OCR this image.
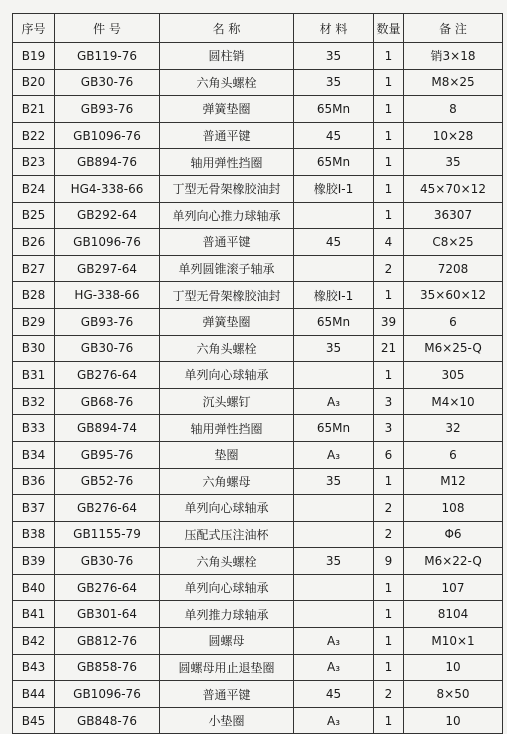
序号	件 号	名 称	材 料	数量	备 注
B19	GB119-76	圆柱销	35	1	销3×18
B20	GB30-76	六角头螺栓	35	1	M8×25
B21	GB93-76	弹簧垫圈	65Mn	1	8
B22	GB1096-76	普通平键	45	1	10×28
B23	GB894-76	轴用弹性挡圈	65Mn	1	35
B24	HG4-338-66	丁型无骨架橡胶油封	橡胶I-1	1	45×70×12
B25	GB292-64	单列向心推力球轴承		1	36307
B26	GB1096-76	普通平键	45	4	C8×25
B27	GB297-64	单列圆锥滚子轴承		2	7208
B28	HG-338-66	丁型无骨架橡胶油封	橡胶I-1	1	35×60×12
B29	GB93-76	弹簧垫圈	65Mn	39	6
B30	GB30-76	六角头螺栓	35	21	M6×25-Q
B31	GB276-64	单列向心球轴承		1	305
B32	GB68-76	沉头螺钉	A₃	3	M4×10
B33	GB894-74	轴用弹性挡圈	65Mn	3	32
B34	GB95-76	垫圈	A₃	6	6
B36	GB52-76	六角螺母	35	1	M12
B37	GB276-64	单列向心球轴承		2	108
B38	GB1155-79	压配式压注油杯		2	Φ6
B39	GB30-76	六角头螺栓	35	9	M6×22-Q
B40	GB276-64	单列向心球轴承		1	107
B41	GB301-64	单列推力球轴承		1	8104
B42	GB812-76	圆螺母	A₃	1	M10×1
B43	GB858-76	圆螺母用止退垫圈	A₃	1	10
B44	GB1096-76	普通平键	45	2	8×50
B45	GB848-76	小垫圈	A₃	1	10
